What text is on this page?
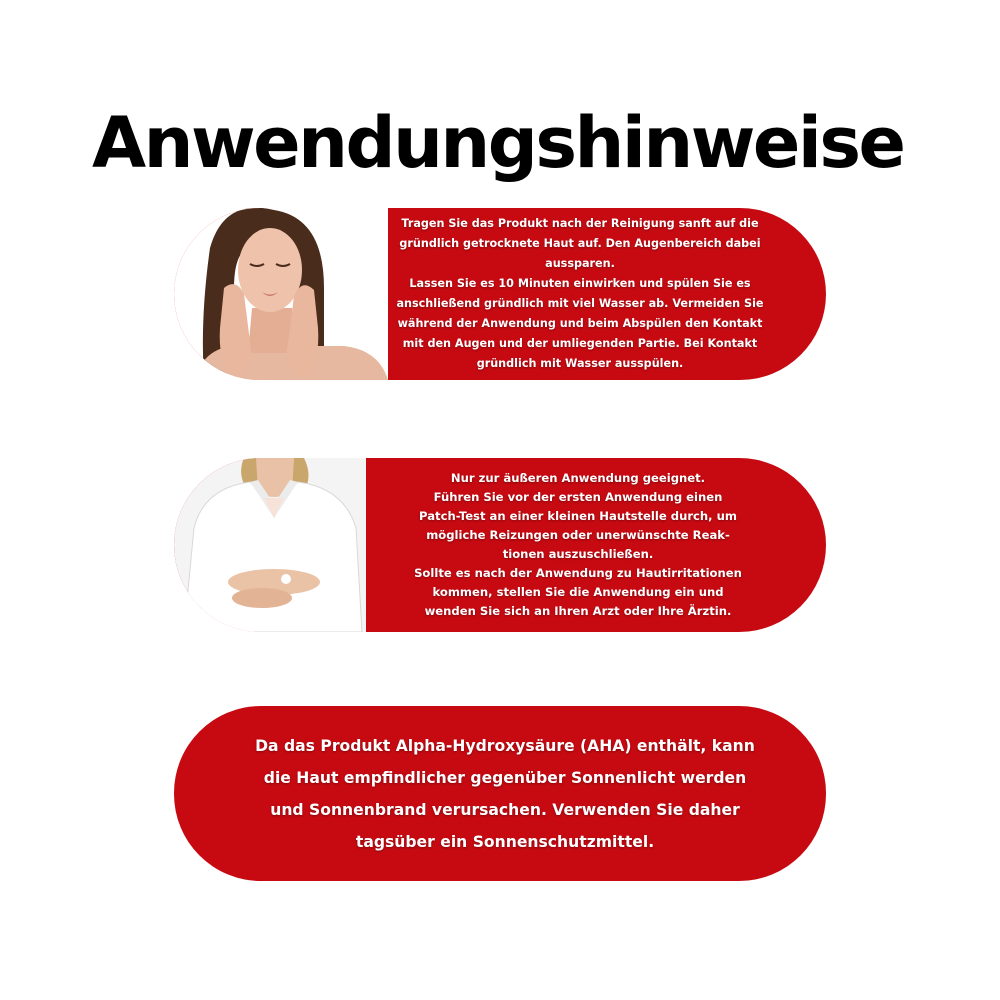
Anwendungshinweise
Tragen Sie das Produkt nach der Reinigung sanft auf die
gründlich getrocknete Haut auf. Den Augenbereich dabei
aussparen.
Lassen Sie es 10 Minuten einwirken und spülen Sie es
anschließend gründlich mit viel Wasser ab. Vermeiden Sie
während der Anwendung und beim Abspülen den Kontakt
mit den Augen und der umliegenden Partie. Bei Kontakt
gründlich mit Wasser ausspülen.
Nur zur äußeren Anwendung geeignet.
Führen Sie vor der ersten Anwendung einen
Patch-Test an einer kleinen Hautstelle durch, um
mögliche Reizungen oder unerwünschte Reak-
tionen auszuschließen.
Sollte es nach der Anwendung zu Hautirritationen
kommen, stellen Sie die Anwendung ein und
wenden Sie sich an Ihren Arzt oder Ihre Ärztin.
Da das Produkt Alpha-Hydroxysäure (AHA) enthält, kann
die Haut empfindlicher gegenüber Sonnenlicht werden
und Sonnenbrand verursachen. Verwenden Sie daher
tagsüber ein Sonnenschutzmittel.
